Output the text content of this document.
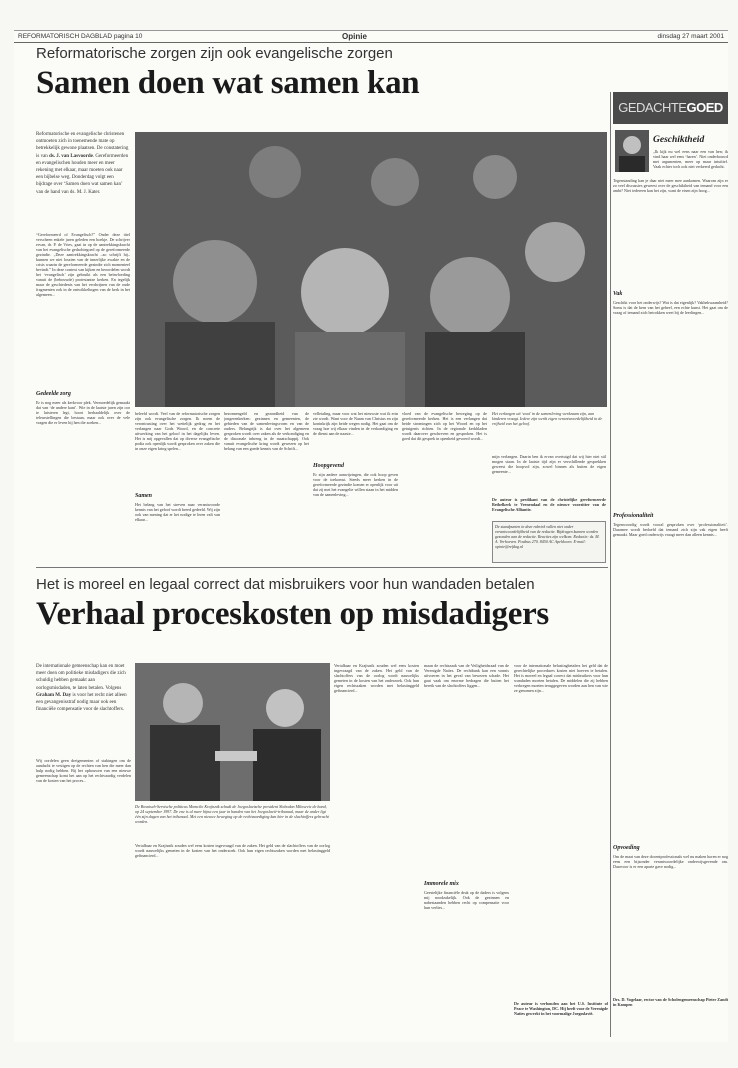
REFORMATORISCH DAGBLAD pagina 10	Opinie	dinsdag 27 maart 2001
Reformatorische zorgen zijn ook evangelische zorgen
Samen doen wat samen kan
Reformatorische en evangelische christenen ontmoeten zich in toenemende mate op betrekkelijk gewone plaatsen. De constatering is van ds. J. van Lasvoorde. Gereformeerden en evangelischen houden meer en meer rekening met elkaar, maar moeten ook naar een bijbelse weg. Donderdag volgt een bijdrage over ‘Samen doen wat samen kan’ van de hand van ds. M. J. Kater.
“Gereformeerd of Evangelisch?” Onder deze titel verscheen enkele jaren geleden een boekje. De schrijver ervan, dr. P. de Vries, gaat in op de aantrekkingskracht van het evangelische gedachtegoed op de gereformeerde gezindte. „Deze aantrekkingskracht –zo schrijft hij– kunnen we niet loszien van de innerlijke zwakte en de crisis waarin de gereformeerde gezindte zich momenteel bevindt.” In deze context van kijken en beoordelen wordt het ‘evangelisch’ zijn gebruikt als een beïnvloeding vanuit de (bebouwde) protestantse kerken. En tegelijk maar de geschiedenis van het verdwijnen van de oude fragmenten ook in de ontwikkelingen van de kerk in het algemeen...
Gedeelde zorg
Er is nog meer als kerkvoor plek. Vermoedelijk gemaakt dat van ‘de andere kant’. Wie in de laatste jaren zijn oor te luisteren legt, hoort herhaaldelijk over de teleurstellingen die bestaan, maar ook over de vele vragen die er leven bij hen die zoeken...
beleefd wordt. Veel van de reformatorische zorgen zijn ook evangelische zorgen. Ik noem de verontrusting over het wettelijk gedrag en het verlangen naar Gods Woord, en de concrete uitwerking van het geloof in het dagelijks leven. Het is mij opgevallen dat op diverse evangelische podia ook openlijk wordt gesproken over zaken die in onze eigen kring spelen...
Samen
Het belang van het streven naar verantwoorde kennis van het geloof wordt breed gedeeld. Wij zijn ook van mening dat er het nodige te leren valt van elkaar...
bezonnengeld en gezondheid van de jongerenkerken: gezinnen en gemeenten, de gebieden van de samenlevingsvorm en van de ouders. Belangrijk is dat over het algemeen gesproken wordt over zaken als de verkondiging en de diaconale inbreng in de maatschappij. Ook vanuit evangelische kring wordt gewezen op het belang van een goede kennis van de Schrift...
velletaling, maar voor wat het nieuwste wat ik erin zie wordt. Want voor de Naam van Christus en zijn koninkrijk zijn beide wegen nodig. Het gaat om de vraag hoe wij elkaar vinden in de verkondiging en de dienst aan de naaste...
Hoopgevend
Er zijn andere aanwijzingen, die ook hoop geven voor de toekomst. Steeds meer kerken in de gereformeerde gezindte komen er openlijk voor uit dat zij met het evangelie willen staan in het midden van de samenleving...
vloed van de evangelische beweging op de gereformeerde kerken. Het is een verlangen dat beide stromingen zich op het Woord en op het getuigenis richten. In de regionale kerkbladen wordt daarover geschreven en gesproken. Het is goed dat dit gesprek in openheid gevoerd wordt...
Het verlangen uit ‘zout’ in de samenleving werkzaam zijn, aan kinderen vraagt. Iedere zijn werkt eigen verantwoordelijkheid in de vrijheid van het geloof.
mijn verlangen. Daarin ben ik ervan overtuigd dat wij hier niet stil mogen staan. In de laatste tijd zijn er verschillende gesprekken geweest die hoopvol zijn, zowel binnen als buiten de eigen gemeente...
De auteur is predikant van de christelijke gereformeerde Bethelkerk te Veenendaal en de nieuwe voorzitter van de Evangelische Alliantie.
De standpunten in deze rubriek vallen niet onder verantwoordelijkheid van de redactie. Bijdragen kunnen worden gezonden aan de redactie. Reacties zijn welkom. Redactie: ds. M. A. Verhoeven. Postbus 270. 8450 AC Apeldoorn. E-mail: opinie@refdag.nl
Het is moreel en legaal correct dat misbruikers voor hun wandaden betalen
Verhaal proceskosten op misdadigers
De internationale gemeenschap kan en moet meer doen om politieke misdadigers die zich schuldig hebben gemaakt aan oorlogsmisdaden, te laten betalen. Volgens Graham M. Day is voor het recht niet alleen een gevangenisstraf nodig maar ook een financiële compensatie voor de slachtoffers.
Wij oordelen geen dreigementen of stakingen om de aandacht te vestigen op de rechten van hen die meer dan hulp nodig hebben. Bij het opbouwen van een nieuwe gemeenschap komt het aan op het rechtvaardig verdelen van de kosten van het proces...
De Bosnisch-Servische politicus Momcilo Krajisnik schudt de Joegoslavische president Slobodan Milosevic de hand, op 24 september 1997. De ene is al meer bijna een jaar in handen van het Joegoslavië-tribunaal, maar de ander ligt één zijn dagen van het tribunaal. Met een nieuwe beweging op de rechtvaardiging kan hier in de slachtoffers gebracht worden.
Vertalbaar en Krajisnik zouden wel eens kosten ingevraagd van de zaken. Het geld van de slachtoffers van de oorlog wordt nauwelijks gemeten in de kosten van het onderzoek. Ook hun eigen rechtszaken worden met belastinggeld gefinancierd...
Vertalbaar en Krajisnik zouden wel eens kosten ingevraagd van de zaken. Het geld van de slachtoffers van de oorlog wordt nauwelijks gemeten in de kosten van het onderzoek. Ook hun eigen rechtszaken worden met belastinggeld gefinancierd...
maan de rechtszaak van de Veiligheidsraad van de Verenigde Naties. De rechtbank kan een vonnis uitvoeren in het geval van bewezen schade. Het gaat vaak om enorme bedragen die buiten het bereik van de slachtoffers liggen...
Immorele mix
Geestelijke financiële druk op de daders is volgens mij noodzakelijk. Ook de gezinnen en nabestaanden hebben recht op compensatie voor hun verlies...
voor de internationale belastingbetalers het geld dat de gerechtelijke procedures kosten niet hoeven te betalen. Het is moreel en legaal correct dat misbruikers voor hun wandaden moeten betalen. De middelen die zij hebben verkregen moeten teruggegeven worden aan hen van wie ze genomen zijn...
De auteur is verbonden aan het U.S. Institute of Peace te Washington, DC. Hij heeft voor de Verenigde Naties gewerkt in het voormalige Joegoslavië.
GEDACHTEGOED
Geschiktheid
„Ik kijk nu wel eens naar een van hen; ik vind haar wel eens ‘haren’. Niet onderbouwd met argumenten, meer op maar intuïtief. Vaak echter toch ook niet verkeerd gedacht.
Tegenstanding kan je daar niet meer mee aankomen. Waarom zijn er zo veel discussies geweest over de geschiktheid van iemand voor een ambt? Niet iedereen kan het zijn, want de eisen zijn hoog...
Vak
Geschikt voor het onderwijs? Wat is dat eigenlijk? Vakbekwaamheid? Soms is dat de kern van het geheel, een echte kunst. Het gaat om de vraag of iemand zich betrokken weet bij de leerlingen...
Professionaliteit
Tegenwoordig wordt vooral gesproken over ‘professionaliteit’. Daarmee wordt bedoeld dat iemand zich zijn vak eigen heeft gemaakt. Maar goed onderwijs vraagt meer dan alleen kennis...
Opvoeding
Om de maat van deze docentprofessionals wel nu maken horen er nog eens een bijzonder verantwoordelijke onderwijsgevende om. Daarvoor is er een aparte gave nodig...
Drs. D. Vogelaar, rector van de Scholengemeenschap Pieter Zandt in Kampen
